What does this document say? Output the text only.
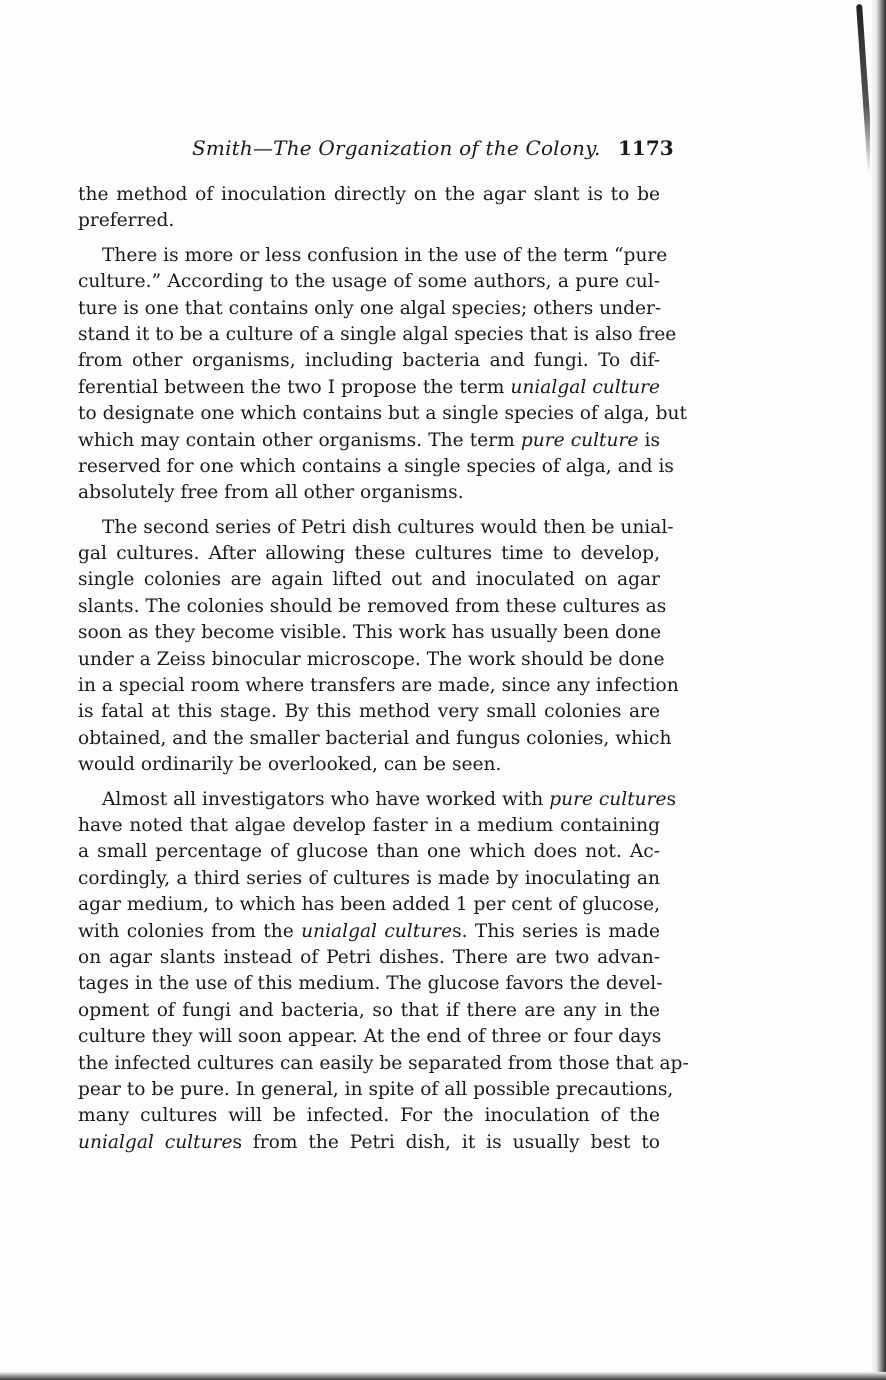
Smith—The Organization of the Colony. 1173
the method of inoculation directly on the agar slant is to be
preferred.
There is more or less confusion in the use of the term “pure
culture.” According to the usage of some authors, a pure cul-
ture is one that contains only one algal species; others under-
stand it to be a culture of a single algal species that is also free
from other organisms, including bacteria and fungi. To dif-
ferential between the two I propose the term unialgal culture
to designate one which contains but a single species of alga, but
which may contain other organisms. The term pure culture is
reserved for one which contains a single species of alga, and is
absolutely free from all other organisms.
The second series of Petri dish cultures would then be unial-
gal cultures. After allowing these cultures time to develop,
single colonies are again lifted out and inoculated on agar
slants. The colonies should be removed from these cultures as
soon as they become visible. This work has usually been done
under a Zeiss binocular microscope. The work should be done
in a special room where transfers are made, since any infection
is fatal at this stage. By this method very small colonies are
obtained, and the smaller bacterial and fungus colonies, which
would ordinarily be overlooked, can be seen.
Almost all investigators who have worked with pure cultures
have noted that algae develop faster in a medium containing
a small percentage of glucose than one which does not. Ac-
cordingly, a third series of cultures is made by inoculating an
agar medium, to which has been added 1 per cent of glucose,
with colonies from the unialgal cultures. This series is made
on agar slants instead of Petri dishes. There are two advan-
tages in the use of this medium. The glucose favors the devel-
opment of fungi and bacteria, so that if there are any in the
culture they will soon appear. At the end of three or four days
the infected cultures can easily be separated from those that ap-
pear to be pure. In general, in spite of all possible precautions,
many cultures will be infected. For the inoculation of the
unialgal cultures from the Petri dish, it is usually best to
